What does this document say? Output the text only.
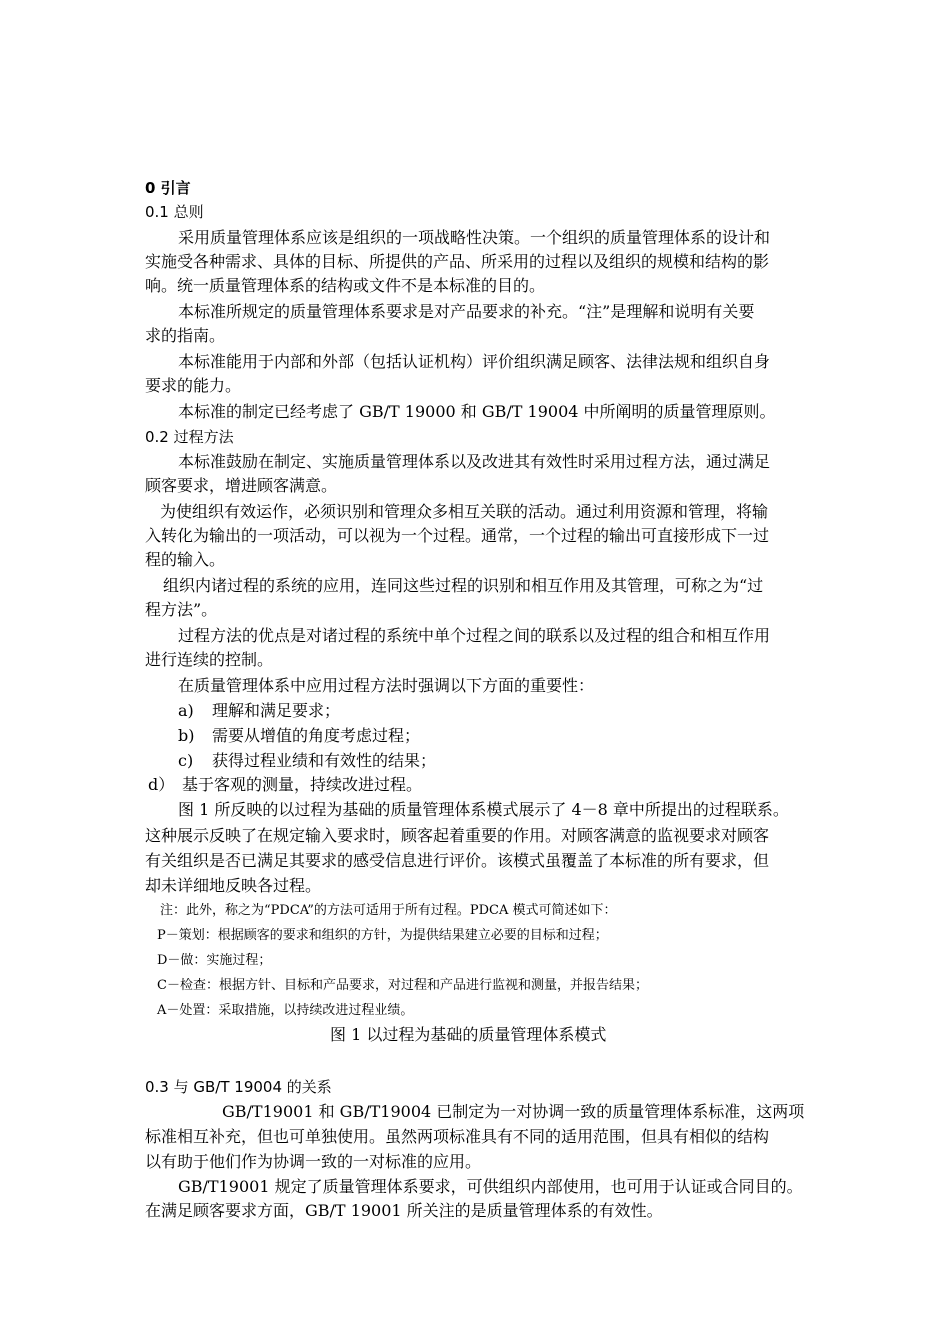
0 引言
0.1 总则
采用质量管理体系应该是组织的一项战略性决策。一个组织的质量管理体系的设计和
实施受各种需求、具体的目标、所提供的产品、所采用的过程以及组织的规模和结构的影
响。统一质量管理体系的结构或文件不是本标准的目的。
本标准所规定的质量管理体系要求是对产品要求的补充。“注”是理解和说明有关要
求的指南。
本标准能用于内部和外部（包括认证机构）评价组织满足顾客、法律法规和组织自身
要求的能力。
本标准的制定已经考虑了 GB/T 19000 和 GB/T 19004 中所阐明的质量管理原则。
0.2 过程方法
本标准鼓励在制定、实施质量管理体系以及改进其有效性时采用过程方法，通过满足
顾客要求，增进顾客满意。
为使组织有效运作，必须识别和管理众多相互关联的活动。通过利用资源和管理，将输
入转化为输出的一项活动，可以视为一个过程。通常，一个过程的输出可直接形成下一过
程的输入。
组织内诸过程的系统的应用，连同这些过程的识别和相互作用及其管理，可称之为“过
程方法”。
过程方法的优点是对诸过程的系统中单个过程之间的联系以及过程的组合和相互作用
进行连续的控制。
在质量管理体系中应用过程方法时强调以下方面的重要性：
a) 理解和满足要求；
b) 需要从增值的角度考虑过程；
c) 获得过程业绩和有效性的结果；
d） 基于客观的测量，持续改进过程。
图 1 所反映的以过程为基础的质量管理体系模式展示了 4－8 章中所提出的过程联系。
这种展示反映了在规定输入要求时，顾客起着重要的作用。对顾客满意的监视要求对顾客
有关组织是否已满足其要求的感受信息进行评价。该模式虽覆盖了本标准的所有要求，但
却未详细地反映各过程。
注：此外，称之为“PDCA”的方法可适用于所有过程。PDCA 模式可简述如下：
P－策划：根据顾客的要求和组织的方针，为提供结果建立必要的目标和过程；
D－做：实施过程；
C－检查：根据方针、目标和产品要求，对过程和产品进行监视和测量，并报告结果；
A－处置：采取措施，以持续改进过程业绩。
图 1 以过程为基础的质量管理体系模式
0.3 与 GB/T 19004 的关系
GB/T19001 和 GB/T19004 已制定为一对协调一致的质量管理体系标准，这两项
标准相互补充，但也可单独使用。虽然两项标准具有不同的适用范围，但具有相似的结构
以有助于他们作为协调一致的一对标准的应用。
GB/T19001 规定了质量管理体系要求，可供组织内部使用，也可用于认证或合同目的。
在满足顾客要求方面，GB/T 19001 所关注的是质量管理体系的有效性。
